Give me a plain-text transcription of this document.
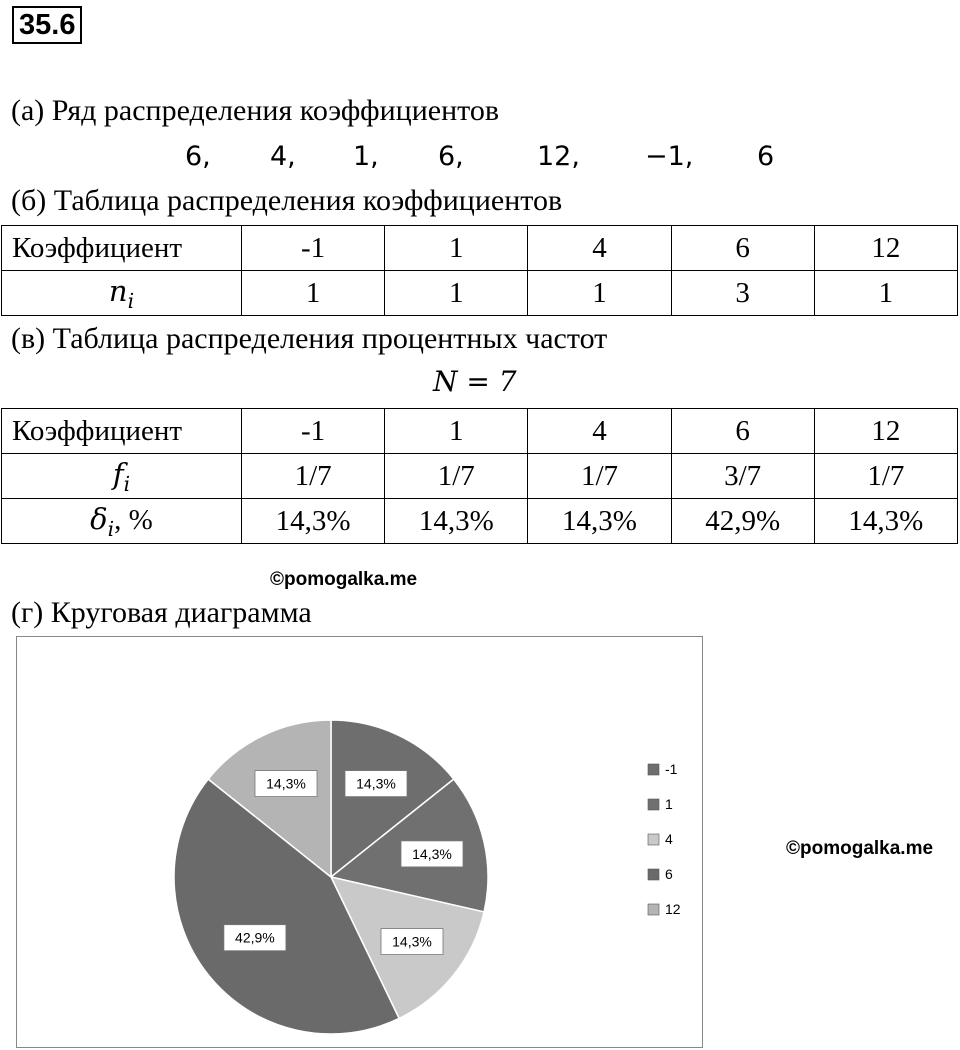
35.6
(а) Ряд распределения коэффициентов
6, 4, 1, 6,	12, −1, 6
(б) Таблица распределения коэффициентов
Коэффициент	-1	1	4	6	12
$n_i$	1	1	1	3	1
(в) Таблица распределения процентных частот
N = 7
Коэффициент	-1	1	4	6	12
$f_i$	1/7	1/7	1/7	3/7	1/7
$\delta_i$, %	14,3%	14,3%	14,3%	42,9%	14,3%
©pomogalka.me
(г) Круговая диаграмма
14,3%
14,3%
14,3%
42,9%
14,3%
-1
1
4
6
12
©pomogalka.me
